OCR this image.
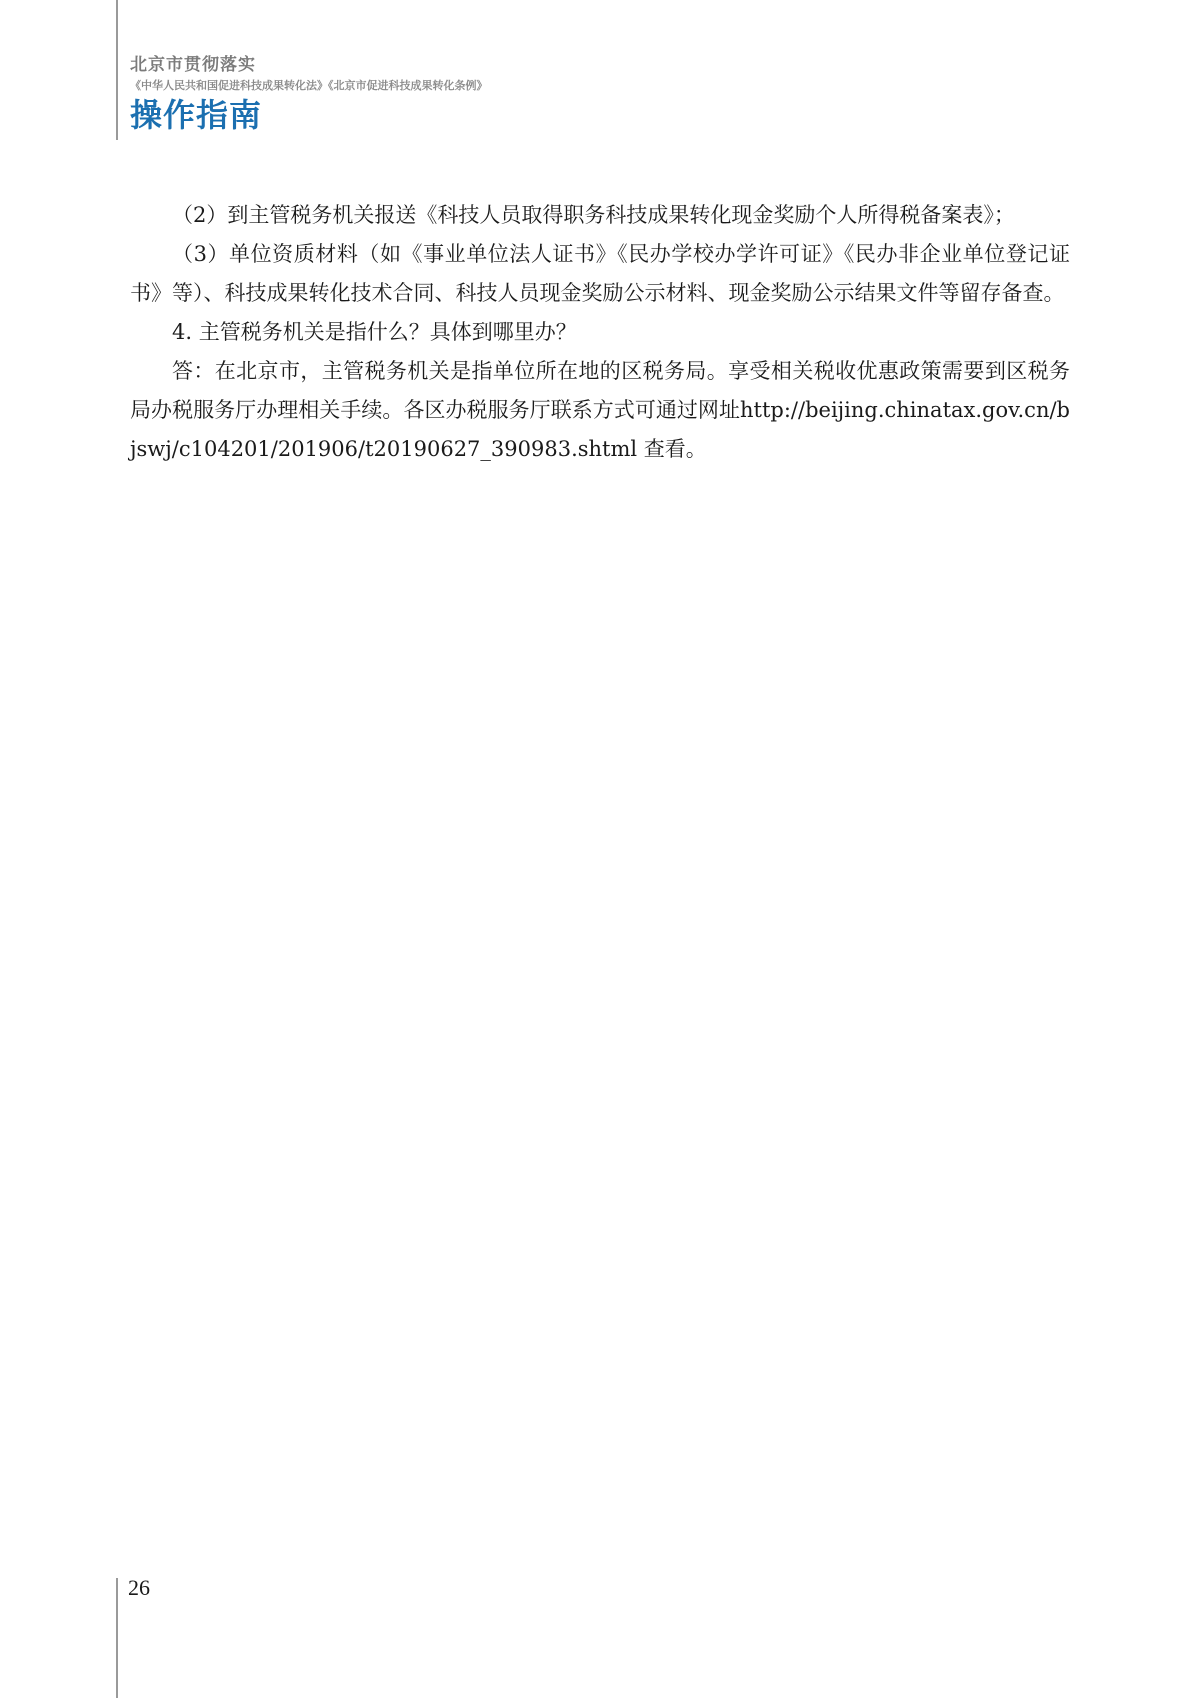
北京市贯彻落实
《中华人民共和国促进科技成果转化法》《北京市促进科技成果转化条例》
操作指南

（2）到主管税务机关报送《科技人员取得职务科技成果转化现金奖励个人所得税备案表》；

（3）单位资质材料（如《事业单位法人证书》《民办学校办学许可证》《民办非企业单位登记证书》等）、科技成果转化技术合同、科技人员现金奖励公示材料、现金奖励公示结果文件等留存备查。

4. 主管税务机关是指什么？具体到哪里办？

答：在北京市，主管税务机关是指单位所在地的区税务局。享受相关税收优惠政策需要到区税务局办税服务厅办理相关手续。各区办税服务厅联系方式可通过网址http://beijing.chinatax.gov.cn/bjswj/c104201/201906/t20190627_390983.shtml 查看。

26
